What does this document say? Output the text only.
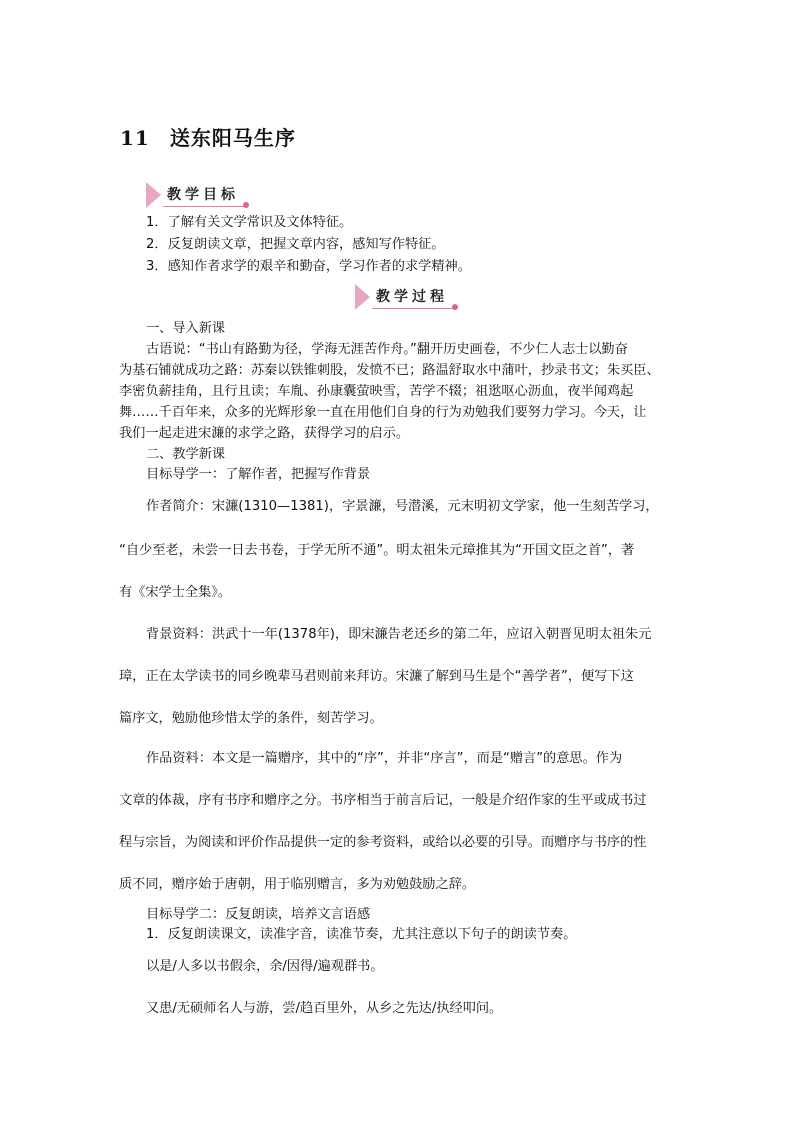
11 送东阳马生序
教学目标

1．了解有关文学常识及文体特征。

2．反复朗读文章，把握文章内容，感知写作特征。

3．感知作者求学的艰辛和勤奋，学习作者的求学精神。

教学过程

一、导入新课

古语说：“书山有路勤为径，学海无涯苦作舟。”翻开历史画卷，不少仁人志士以勤奋

为基石铺就成功之路：苏秦以铁锥刺股，发愤不已；路温舒取水中蒲叶，抄录书文；朱买臣、

李密负薪挂角，且行且读；车胤、孙康囊萤映雪，苦学不辍；祖逖呕心沥血，夜半闻鸡起

舞……千百年来，众多的光辉形象一直在用他们自身的行为劝勉我们要努力学习。今天，让

我们一起走进宋濂的求学之路，获得学习的启示。

二、教学新课

目标导学一：了解作者，把握写作背景

作者简介：宋濂(1310—1381)，字景濂，号潜溪，元末明初文学家，他一生刻苦学习，

“自少至老，未尝一日去书卷，于学无所不通”。明太祖朱元璋推其为“开国文臣之首”，著

有《宋学士全集》。

背景资料：洪武十一年(1378年)，即宋濂告老还乡的第二年，应诏入朝晋见明太祖朱元

璋，正在太学读书的同乡晚辈马君则前来拜访。宋濂了解到马生是个“善学者”，便写下这

篇序文，勉励他珍惜太学的条件，刻苦学习。

作品资料：本文是一篇赠序，其中的“序”，并非“序言”，而是“赠言”的意思。作为

文章的体裁，序有书序和赠序之分。书序相当于前言后记，一般是介绍作家的生平或成书过

程与宗旨，为阅读和评价作品提供一定的参考资料，或给以必要的引导。而赠序与书序的性

质不同，赠序始于唐朝，用于临别赠言，多为劝勉鼓励之辞。

目标导学二：反复朗读，培养文言语感

1．反复朗读课文，读准字音，读准节奏，尤其注意以下句子的朗读节奏。

以是/人多以书假余，余/因得/遍观群书。

又患/无硕师名人与游，尝/趋百里外，从乡之先达/执经叩问。
